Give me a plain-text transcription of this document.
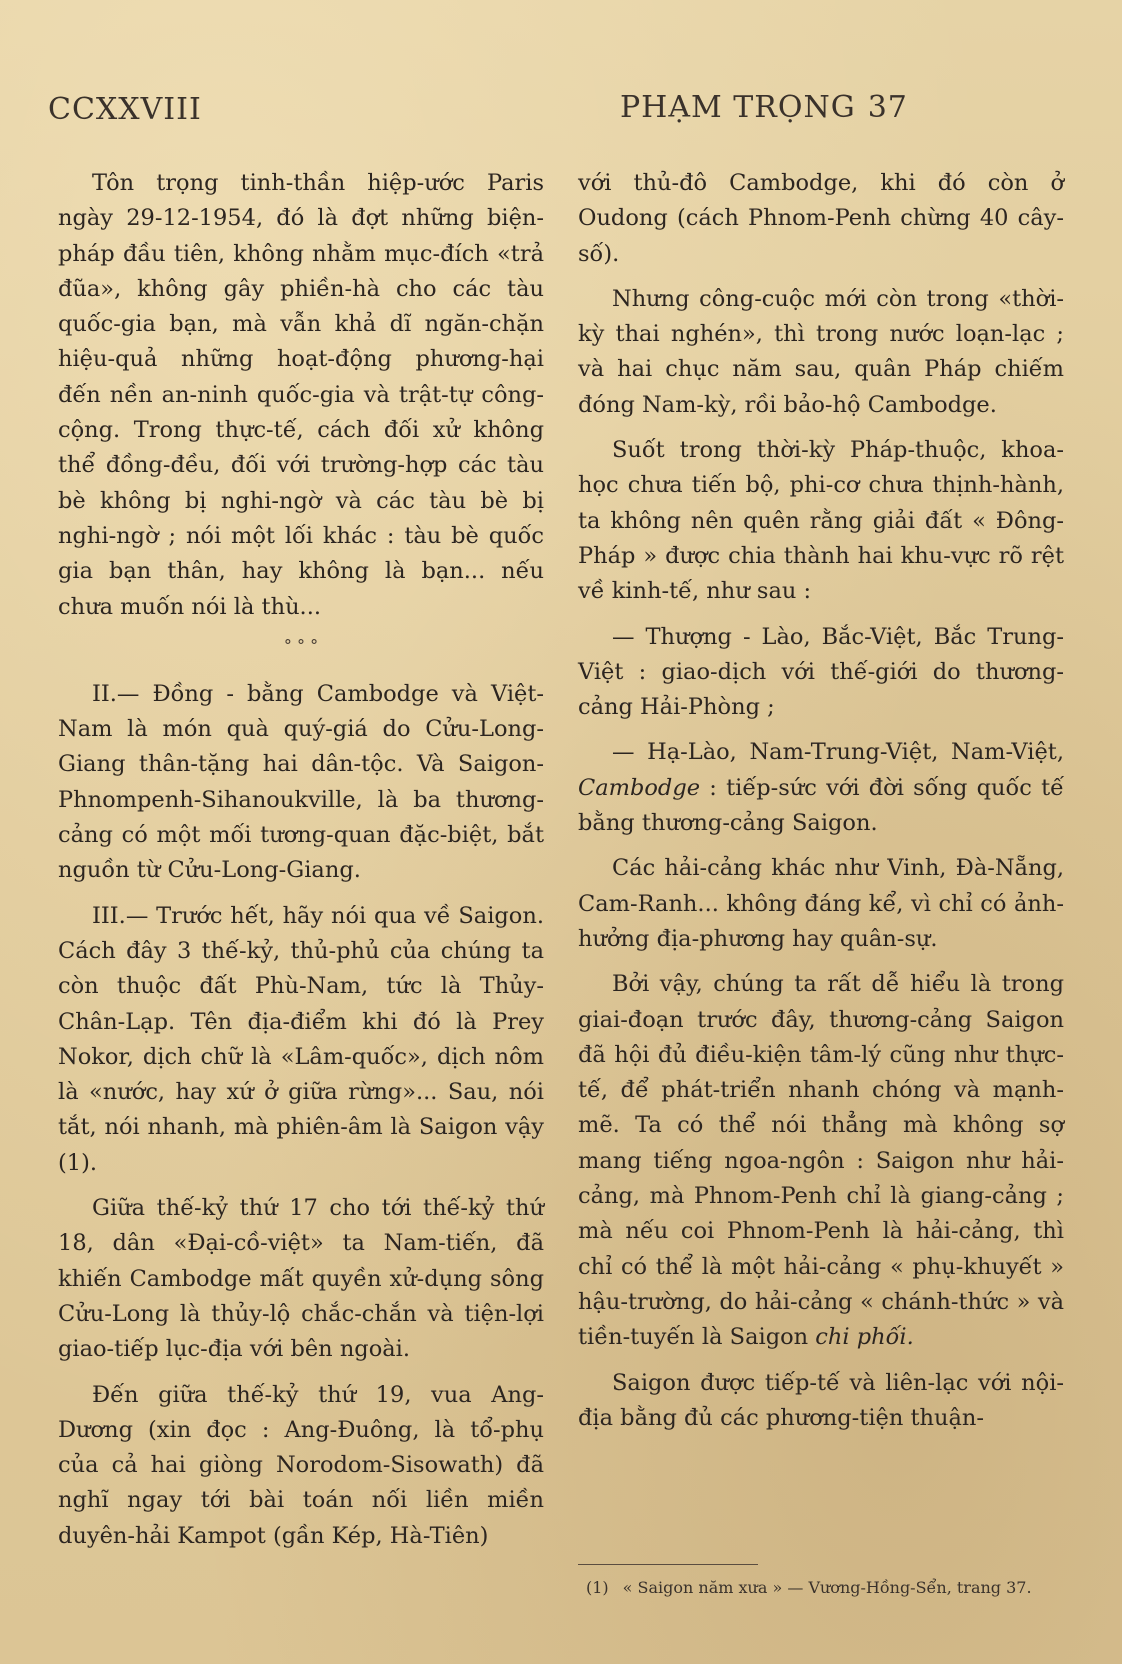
CCXXVIII	PHẠM TRỌNG 37

Tôn trọng tinh-thần hiệp-ước Paris ngày 29-12-1954, đó là đợt những biện-pháp đầu tiên, không nhằm mục-đích «trả đũa», không gây phiền-hà cho các tàu quốc-gia bạn, mà vẫn khả dĩ ngăn-chặn hiệu-quả những hoạt-động phương-hại đến nền an-ninh quốc-gia và trật-tự công-cộng. Trong thực-tế, cách đối xử không thể đồng-đều, đối với trường-hợp các tàu bè không bị nghi-ngờ và các tàu bè bị nghi-ngờ ; nói một lối khác : tàu bè quốc gia bạn thân, hay không là bạn... nếu chưa muốn nói là thù...

° ° °

II.— Đồng - bằng Cambodge và Việt-Nam là món quà quý-giá do Cửu-Long-Giang thân-tặng hai dân-tộc. Và Saigon-Phnompenh-Sihanoukville, là ba thương-cảng có một mối tương-quan đặc-biệt, bắt nguồn từ Cửu-Long-Giang.

III.— Trước hết, hãy nói qua về Saigon. Cách đây 3 thế-kỷ, thủ-phủ của chúng ta còn thuộc đất Phù-Nam, tức là Thủy-Chân-Lạp. Tên địa-điểm khi đó là Prey Nokor, dịch chữ là «Lâm-quốc», dịch nôm là «nước, hay xứ ở giữa rừng»... Sau, nói tắt, nói nhanh, mà phiên-âm là Saigon vậy (1).

Giữa thế-kỷ thứ 17 cho tới thế-kỷ thứ 18, dân «Đại-cồ-việt» ta Nam-tiến, đã khiến Cambodge mất quyền xử-dụng sông Cửu-Long là thủy-lộ chắc-chắn và tiện-lợi giao-tiếp lục-địa với bên ngoài.

Đến giữa thế-kỷ thứ 19, vua Ang-Dương (xin đọc : Ang-Đuông, là tổ-phụ của cả hai giòng Norodom-Sisowath) đã nghĩ ngay tới bài toán nối liền miền duyên-hải Kampot (gần Kép, Hà-Tiên)

với thủ-đô Cambodge, khi đó còn ở Oudong (cách Phnom-Penh chừng 40 cây-số).

Nhưng công-cuộc mới còn trong «thời-kỳ thai nghén», thì trong nước loạn-lạc ; và hai chục năm sau, quân Pháp chiếm đóng Nam-kỳ, rồi bảo-hộ Cambodge.

Suốt trong thời-kỳ Pháp-thuộc, khoa-học chưa tiến bộ, phi-cơ chưa thịnh-hành, ta không nên quên rằng giải đất « Đông-Pháp » được chia thành hai khu-vực rõ rệt về kinh-tế, như sau :

— Thượng - Lào, Bắc-Việt, Bắc Trung-Việt : giao-dịch với thế-giới do thương-cảng Hải-Phòng ;

— Hạ-Lào, Nam-Trung-Việt, Nam-Việt, Cambodge : tiếp-sức với đời sống quốc tế bằng thương-cảng Saigon.

Các hải-cảng khác như Vinh, Đà-Nẵng, Cam-Ranh... không đáng kể, vì chỉ có ảnh-hưởng địa-phương hay quân-sự.

Bởi vậy, chúng ta rất dễ hiểu là trong giai-đoạn trước đây, thương-cảng Saigon đã hội đủ điều-kiện tâm-lý cũng như thực-tế, để phát-triển nhanh chóng và mạnh-mẽ. Ta có thể nói thẳng mà không sợ mang tiếng ngoa-ngôn : Saigon như hải-cảng, mà Phnom-Penh chỉ là giang-cảng ; mà nếu coi Phnom-Penh là hải-cảng, thì chỉ có thể là một hải-cảng « phụ-khuyết » hậu-trường, do hải-cảng « chánh-thức » và tiền-tuyến là Saigon chi phối.

Saigon được tiếp-tế và liên-lạc với nội-địa bằng đủ các phương-tiện thuận-

(1) « Saigon năm xưa » — Vương-Hồng-Sển, trang 37.
